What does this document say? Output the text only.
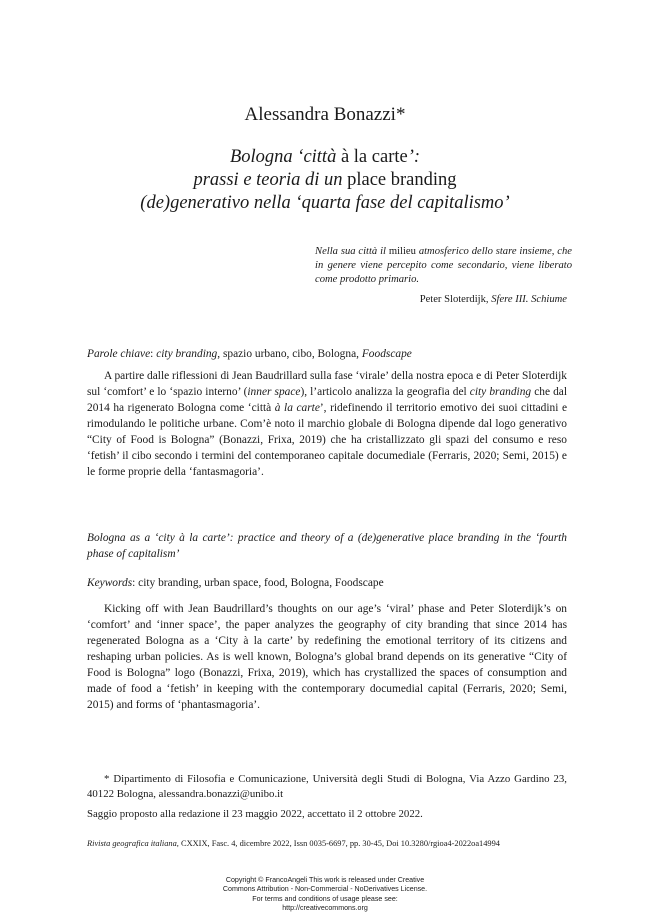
Alessandra Bonazzi*
Bologna ‘città à la carte’:
prassi e teoria di un place branding
(de)generativo nella ‘quarta fase del capitalismo’
Nella sua città il milieu atmosferico dello stare insieme, che in genere viene percepito come secondario, viene liberato come prodotto primario.
Peter Sloterdijk, Sfere III. Schiume
Parole chiave: city branding, spazio urbano, cibo, Bologna, Foodscape
A partire dalle riflessioni di Jean Baudrillard sulla fase ‘virale’ della nostra epoca e di Peter Sloterdijk sul ‘comfort’ e lo ‘spazio interno’ (inner space), l’articolo analizza la geografia del city branding che dal 2014 ha rigenerato Bologna come ‘città à la carte’, ridefinendo il territorio emotivo dei suoi cittadini e rimodulando le politiche urbane. Com’è noto il marchio globale di Bologna dipende dal logo generativo “City of Food is Bologna” (Bonazzi, Frixa, 2019) che ha cristallizzato gli spazi del consumo e reso ‘fetish’ il cibo secondo i termini del contemporaneo capitale documediale (Ferraris, 2020; Semi, 2015) e le forme proprie della ‘fantasmagoria’.
Bologna as a ‘city à la carte’: practice and theory of a (de)generative place branding in the ‘fourth phase of capitalism’
Keywords: city branding, urban space, food, Bologna, Foodscape
Kicking off with Jean Baudrillard’s thoughts on our age’s ‘viral’ phase and Peter Sloterdijk’s on ‘comfort’ and ‘inner space’, the paper analyzes the geography of city branding that since 2014 has regenerated Bologna as a ‘City à la carte’ by redefining the emotional territory of its citizens and reshaping urban policies. As is well known, Bologna’s global brand depends on its generative “City of Food is Bologna” logo (Bonazzi, Frixa, 2019), which has crystallized the spaces of consumption and made of food a ‘fetish’ in keeping with the contemporary documedial capital (Ferraris, 2020; Semi, 2015) and forms of ‘phantasmagoria’.
* Dipartimento di Filosofia e Comunicazione, Università degli Studi di Bologna, Via Azzo Gardino 23, 40122 Bologna, alessandra.bonazzi@unibo.it
Saggio proposto alla redazione il 23 maggio 2022, accettato il 2 ottobre 2022.
Rivista geografica italiana, CXXIX, Fasc. 4, dicembre 2022, Issn 0035-6697, pp. 30-45, Doi 10.3280/rgioa4-2022oa14994
Copyright © FrancoAngeli This work is released under Creative
Commons Attribution - Non-Commercial - NoDerivatives License.
For terms and conditions of usage please see:
http://creativecommons.org
